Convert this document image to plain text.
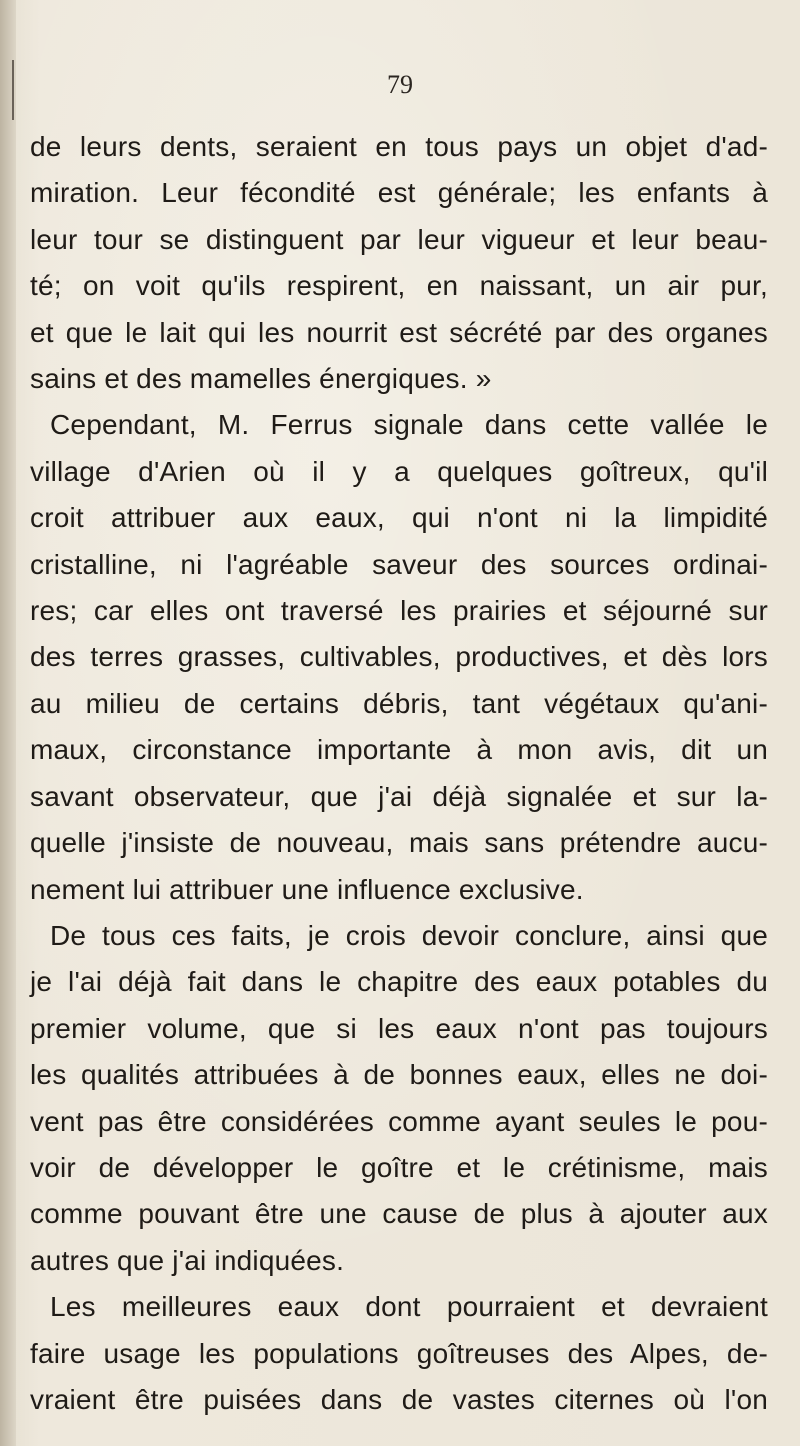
79
de leurs dents, seraient en tous pays un objet d'ad-
miration. Leur fécondité est générale; les enfants à
leur tour se distinguent par leur vigueur et leur beau-
té; on voit qu'ils respirent, en naissant, un air pur,
et que le lait qui les nourrit est sécrété par des organes
sains et des mamelles énergiques. »
Cependant, M. Ferrus signale dans cette vallée le
village d'Arien où il y a quelques goîtreux, qu'il
croit attribuer aux eaux, qui n'ont ni la limpidité
cristalline, ni l'agréable saveur des sources ordinai-
res; car elles ont traversé les prairies et séjourné sur
des terres grasses, cultivables, productives, et dès lors
au milieu de certains débris, tant végétaux qu'ani-
maux, circonstance importante à mon avis, dit un
savant observateur, que j'ai déjà signalée et sur la-
quelle j'insiste de nouveau, mais sans prétendre aucu-
nement lui attribuer une influence exclusive.
De tous ces faits, je crois devoir conclure, ainsi que
je l'ai déjà fait dans le chapitre des eaux potables du
premier volume, que si les eaux n'ont pas toujours
les qualités attribuées à de bonnes eaux, elles ne doi-
vent pas être considérées comme ayant seules le pou-
voir de développer le goître et le crétinisme, mais
comme pouvant être une cause de plus à ajouter aux
autres que j'ai indiquées.
Les meilleures eaux dont pourraient et devraient
faire usage les populations goîtreuses des Alpes, de-
vraient être puisées dans de vastes citernes où l'on
